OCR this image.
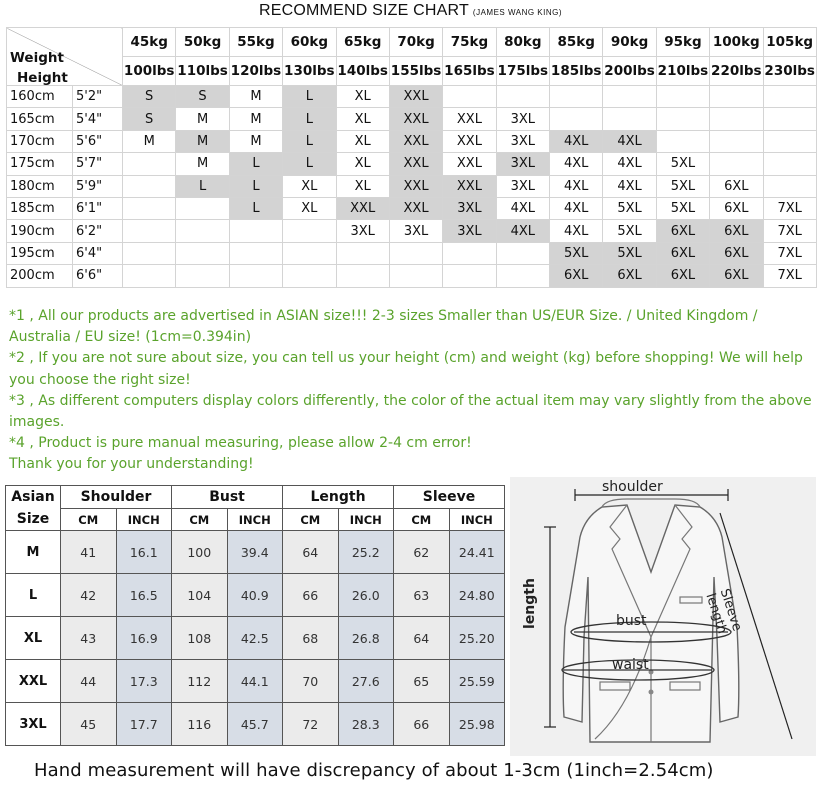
RECOMMEND SIZE CHART (JAMES WANG KING)
Weight
Height		45kg	50kg	55kg	60kg	65kg	70kg	75kg	80kg	85kg	90kg	95kg	100kg	105kg
		100lbs	110lbs	120lbs	130lbs	140lbs	155lbs	165lbs	175lbs	185lbs	200lbs	210lbs	220lbs	230lbs
160cm	5'2"	S	S	M	L	XL	XXL							
165cm	5'4"	S	M	M	L	XL	XXL	XXL	3XL					
170cm	5'6"	M	M	M	L	XL	XXL	XXL	3XL	4XL	4XL			
175cm	5'7"		M	L	L	XL	XXL	XXL	3XL	4XL	4XL	5XL		
180cm	5'9"		L	L	XL	XL	XXL	XXL	3XL	4XL	4XL	5XL	6XL	
185cm	6'1"			L	XL	XXL	XXL	3XL	4XL	4XL	5XL	5XL	6XL	7XL
190cm	6'2"					3XL	3XL	3XL	4XL	4XL	5XL	6XL	6XL	7XL
195cm	6'4"									5XL	5XL	6XL	6XL	7XL
200cm	6'6"									6XL	6XL	6XL	6XL	7XL
*1 , All our products are advertised in ASIAN size!!! 2-3 sizes Smaller than US/EUR Size. / United Kingdom / Australia / EU size! (1cm=0.394in)
*2 , If you are not sure about size, you can tell us your height (cm) and weight (kg) before shopping! We will help you choose the right size!
*3 , As different computers display colors differently, the color of the actual item may vary slightly from the above images.
*4 , Product is pure manual measuring, please allow 2-4 cm error!
Thank you for your understanding!
Asian	Shoulder		Bust		Length		Sleeve	
Size	CM	INCH	CM	INCH	CM	INCH	CM	INCH
M	41	16.1	100	39.4	64	25.2	62	24.41
L	42	16.5	104	40.9	66	26.0	63	24.80
XL	43	16.9	108	42.5	68	26.8	64	25.20
XXL	44	17.3	112	44.1	70	27.6	65	25.59
3XL	45	17.7	116	45.7	72	28.3	66	25.98
shoulder
length	bust
waist
Sleeve length
Hand measurement will have discrepancy of about 1-3cm (1inch=2.54cm)
